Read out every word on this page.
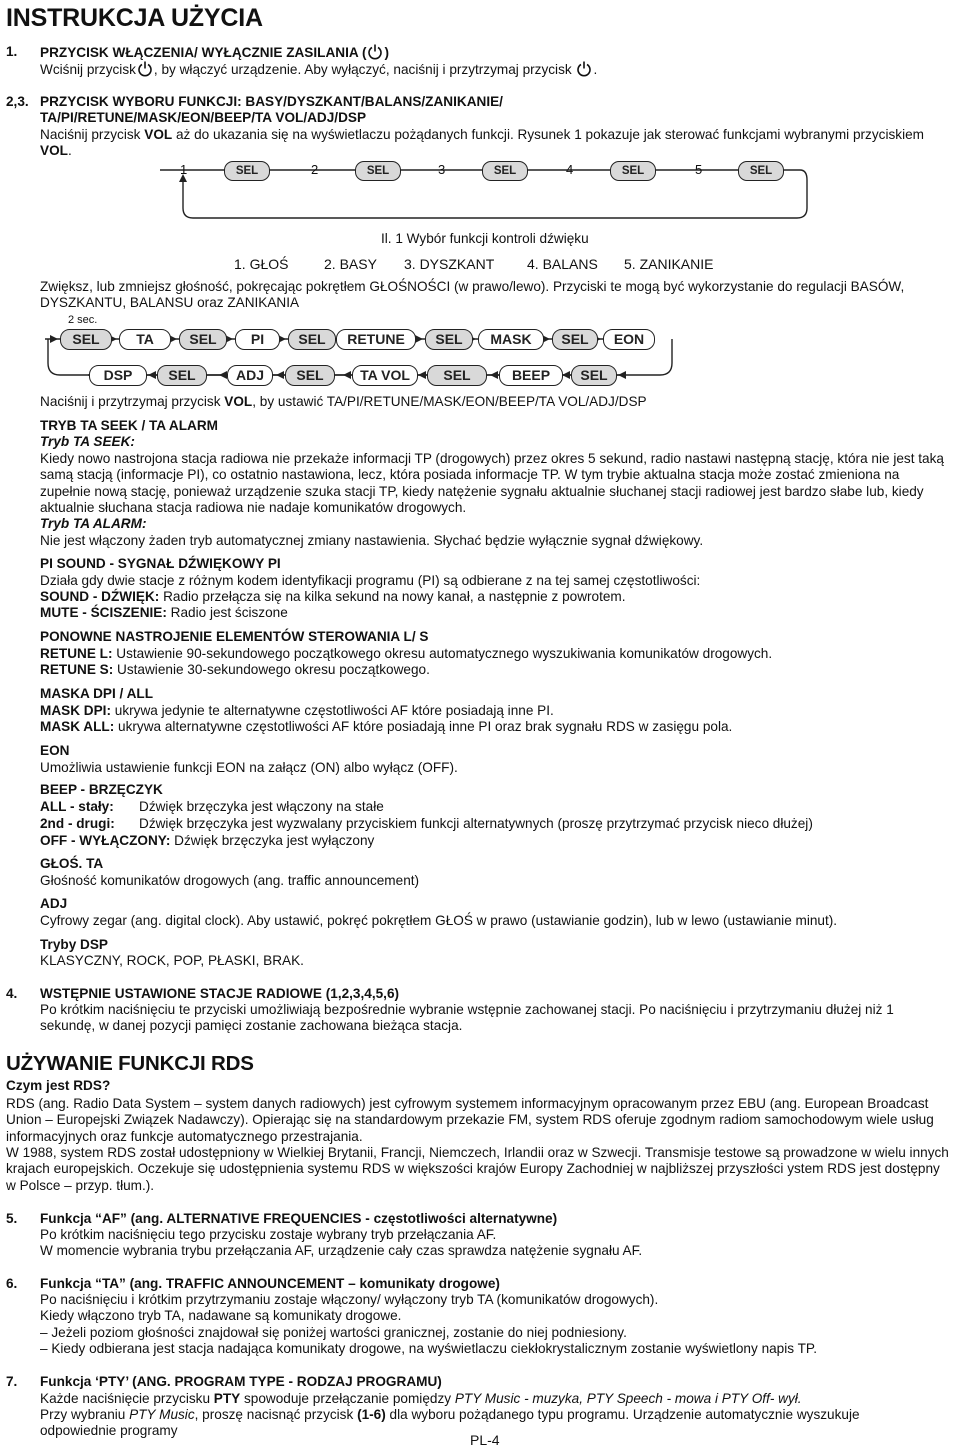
INSTRUKCJA UŻYCIA
1. PRZYCISK WŁĄCZENIA/ WYŁĄCZNIE ZASILANIA ( )
Wciśnij przycisk , by włączyć urządzenie. Aby wyłączyć, naciśnij i przytrzymaj przycisk .
2,3. PRZYCISK WYBORU FUNKCJI: BASY/DYSZKANT/BALANS/ZANIKANIE/
TA/PI/RETUNE/MASK/EON/BEEP/TA VOL/ADJ/DSP

Naciśnij przycisk VOL aż do ukazania się na wyświetlaczu pożądanych funkcji. Rysunek 1 pokazuje jak sterować funkcjami wybranymi przyciskiem VOL.

1	SEL	2	SEL	3	SEL	4	SEL	5	SEL
Il. 1 Wybór funkcji kontroli dźwięku
1. GŁOŚ	2. BASY 3. DYSZKANT 4. BALANS 5. ZANIKANIE

Zwiększ, lub zmniejsz głośność, pokręcając pokrętłem GŁOŚNOŚCI (w prawo/lewo). Przyciski te mogą być wykorzystanie do regulacji BASÓW, DYSZKANTU, BALANSU oraz ZANIKANIA

2 sec.
SEL	TA	SEL	PI	SEL	RETUNE	SEL	MASK	SEL	EON
DSP	SEL	ADJ	SEL	TA VOL	SEL	BEEP	SEL

Naciśnij i przytrzymaj przycisk VOL, by ustawić TA/PI/RETUNE/MASK/EON/BEEP/TA VOL/ADJ/DSP

TRYB TA SEEK / TA ALARM
Tryb TA SEEK:

Kiedy nowo nastrojona stacja radiowa nie przekaże informacji TP (drogowych) przez okres 5 sekund, radio nastawi następną stację, która nie jest taką samą stacją (informacje PI), co ostatnio nastawiona, lecz, która posiada informacje TP. W tym trybie aktualna stacja może zostać zmieniona na zupełnie nową stację, ponieważ urządzenie szuka stacji TP, kiedy natężenie sygnału aktualnie słuchanej stacji radiowej jest bardzo słabe lub, kiedy aktualnie słuchana stacja radiowa nie nadaje komunikatów drogowych.

Tryb TA ALARM:

Nie jest włączony żaden tryb automatycznej zmiany nastawienia. Słychać będzie wyłącznie sygnał dźwiękowy.

PI SOUND - SYGNAŁ DŹWIĘKOWY PI

Działa gdy dwie stacje z różnym kodem identyfikacji programu (PI) są odbierane z na tej samej częstotliwości:

SOUND - DŹWIĘK: Radio przełącza się na kilka sekund na nowy kanał, a następnie z powrotem.

MUTE - ŚCISZENIE: Radio jest ściszone

PONOWNE NASTROJENIE ELEMENTÓW STEROWANIA L/ S

RETUNE L: Ustawienie 90-sekundowego początkowego okresu automatycznego wyszukiwania komunikatów drogowych.

RETUNE S: Ustawienie 30-sekundowego okresu początkowego.

MASKA DPI / ALL

MASK DPI: ukrywa jedynie te alternatywne częstotliwości AF które posiadają inne PI.

MASK ALL: ukrywa alternatywne częstotliwości AF które posiadają inne PI oraz brak sygnału RDS w zasięgu pola.

EON

Umożliwia ustawienie funkcji EON na załącz (ON) albo wyłącz (OFF).

BEEP - BRZĘCZYK
ALL - stały: Dźwięk brzęczyka jest włączony na stałe
2nd - drugi: Dźwięk brzęczyka jest wyzwalany przyciskiem funkcji alternatywnych (proszę przytrzymać przycisk nieco dłużej)

OFF - WYŁĄCZONY: Dźwięk brzęczyka jest wyłączony

GŁOŚ. TA

Głośność komunikatów drogowych (ang. traffic announcement)

ADJ

Cyfrowy zegar (ang. digital clock). Aby ustawić, pokręć pokrętłem GŁOŚ w prawo (ustawianie godzin), lub w lewo (ustawianie minut).

Tryby DSP

KLASYCZNY, ROCK, POP, PŁASKI, BRAK.

4. WSTĘPNIE USTAWIONE STACJE RADIOWE (1,2,3,4,5,6)

Po krótkim naciśnięciu te przyciski umożliwiają bezpośrednie wybranie wstępnie zachowanej stacji. Po naciśnięciu i przytrzymaniu dłużej niż 1 sekundę, w danej pozycji pamięci zostanie zachowana bieżąca stacja.

UŻYWANIE FUNKCJI RDS
Czym jest RDS?

RDS (ang. Radio Data System – system danych radiowych) jest cyfrowym systemem informacyjnym opracowanym przez EBU (ang. European Broadcast Union – Europejski Związek Nadawczy). Opierając się na standardowym przekazie FM, system RDS oferuje zgodnym radiom samochodowym wiele usług informacyjnych oraz funkcje automatycznego przestrajania.

W 1988, system RDS został udostępniony w Wielkiej Brytanii, Francji, Niemczech, Irlandii oraz w Szwecji. Transmisje testowe są prowadzone w wielu innych krajach europejskich. Oczekuje się udostępnienia systemu RDS w większości krajów Europy Zachodniej w najbliższej przyszłości ystem RDS jest dostępny w Polsce – przyp. tłum.).

5. Funkcja “AF” (ang. ALTERNATIVE FREQUENCIES - częstotliwości alternatywne)

Po krótkim naciśnięciu tego przycisku zostaje wybrany tryb przełączania AF.

W momencie wybrania trybu przełączania AF, urządzenie cały czas sprawdza natężenie sygnału AF.

6. Funkcja “TA” (ang. TRAFFIC ANNOUNCEMENT – komunikaty drogowe)

Po naciśnięciu i krótkim przytrzymaniu zostaje włączony/ wyłączony tryb TA (komunikatów drogowych).

Kiedy włączono tryb TA, nadawane są komunikaty drogowe.

– Jeżeli poziom głośności znajdował się poniżej wartości granicznej, zostanie do niej podniesiony.

– Kiedy odbierana jest stacja nadająca komunikaty drogowe, na wyświetlaczu ciekłokrystalicznym zostanie wyświetlony napis TP.

7. Funkcja ‘PTY’ (ANG. PROGRAM TYPE - RODZAJ PROGRAMU)

Każde naciśnięcie przycisku PTY spowoduje przełączanie pomiędzy PTY Music - muzyka, PTY Speech - mowa i PTY Off- wył.

Przy wybraniu PTY Music, proszę nacisnąć przycisk (1-6) dla wyboru pożądanego typu programu. Urządzenie automatycznie wyszukuje

odpowiednie programy

PL-4
